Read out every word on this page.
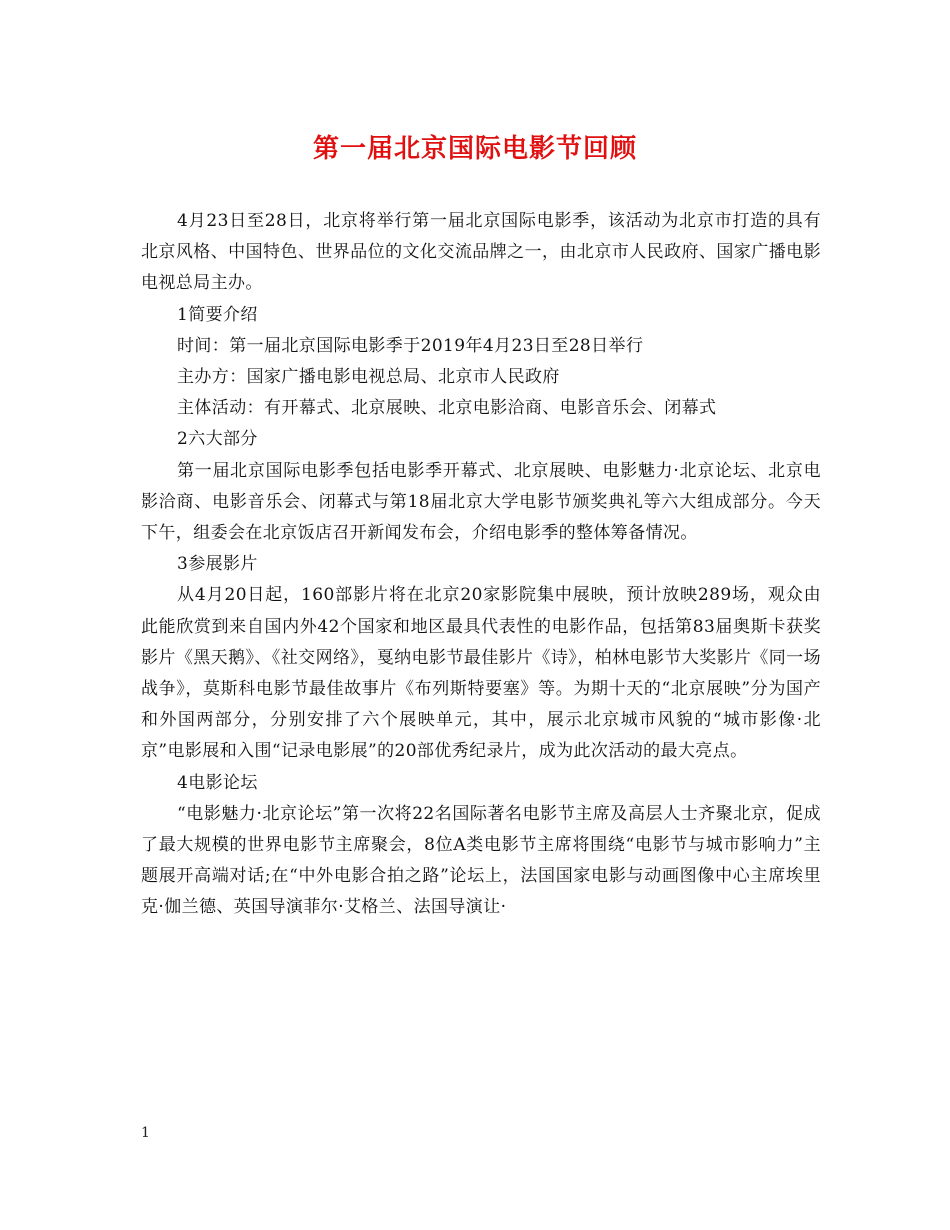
第一届北京国际电影节回顾

4月23日至28日，北京将举行第一届北京国际电影季，该活动为北京市打造的具有北京风格、中国特色、世界品位的文化交流品牌之一，由北京市人民政府、国家广播电影电视总局主办。

1简要介绍

时间：第一届北京国际电影季于2019年4月23日至28日举行

主办方：国家广播电影电视总局、北京市人民政府

主体活动：有开幕式、北京展映、北京电影洽商、电影音乐会、闭幕式

2六大部分

第一届北京国际电影季包括电影季开幕式、北京展映、电影魅力·北京论坛、北京电影洽商、电影音乐会、闭幕式与第18届北京大学电影节颁奖典礼等六大组成部分。今天下午，组委会在北京饭店召开新闻发布会，介绍电影季的整体筹备情况。

3参展影片

从4月20日起，160部影片将在北京20家影院集中展映，预计放映289场，观众由此能欣赏到来自国内外42个国家和地区最具代表性的电影作品，包括第83届奥斯卡获奖影片《黑天鹅》、《社交网络》，戛纳电影节最佳影片《诗》，柏林电影节大奖影片《同一场战争》，莫斯科电影节最佳故事片《布列斯特要塞》等。为期十天的“北京展映”分为国产和外国两部分，分别安排了六个展映单元，其中，展示北京城市风貌的“城市影像·北京”电影展和入围“记录电影展”的20部优秀纪录片，成为此次活动的最大亮点。

4电影论坛

“电影魅力·北京论坛”第一次将22名国际著名电影节主席及高层人士齐聚北京，促成了最大规模的世界电影节主席聚会，8位A类电影节主席将围绕“电影节与城市影响力”主题展开高端对话;在“中外电影合拍之路”论坛上，法国国家电影与动画图像中心主席埃里克·伽兰德、英国导演菲尔·艾格兰、法国导演让·

1
